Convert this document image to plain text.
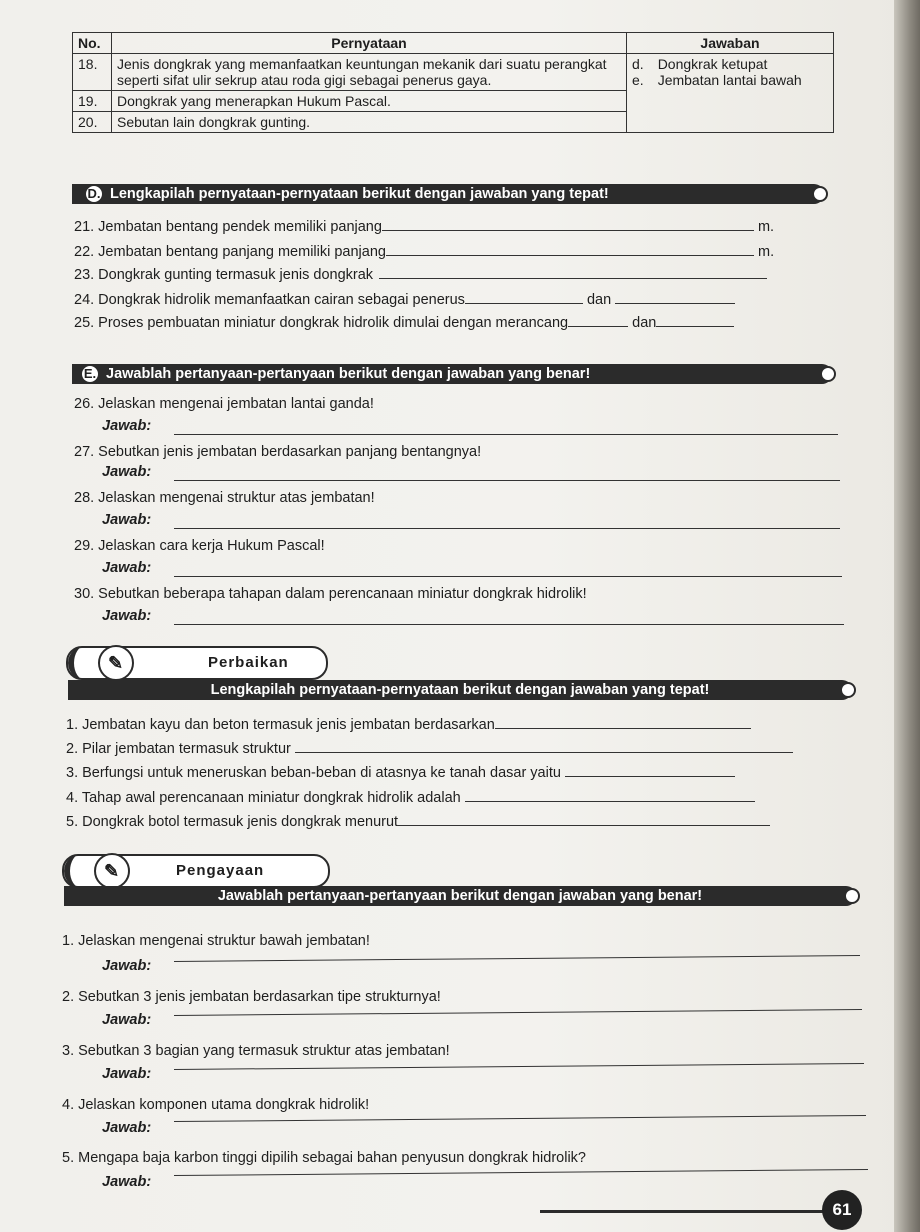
No.	Pernyataan	Jawaban
18.	Jenis dongkrak yang memanfaatkan keuntungan mekanik dari suatu perangkat seperti sifat ulir sekrup atau roda gigi sebagai penerus gaya.	d. Dongkrak ketupat
e. Jembatan lantai bawah

19.	Dongkrak yang menerapkan Hukum Pascal.	
20.	Sebutan lain dongkrak gunting.	
D. Lengkapilah pernyataan-pernyataan berikut dengan jawaban yang tepat!
21. Jembatan bentang pendek memiliki panjang	m.
22. Jembatan bentang panjang memiliki panjang	m.
23. Dongkrak gunting termasuk jenis dongkrak
24. Dongkrak hidrolik memanfaatkan cairan sebagai penerus	dan
25. Proses pembuatan miniatur dongkrak hidrolik dimulai dengan merancang	dan
E. Jawablah pertanyaan-pertanyaan berikut dengan jawaban yang benar!
26. Jelaskan mengenai jembatan lantai ganda!
Jawab:
27. Sebutkan jenis jembatan berdasarkan panjang bentangnya!
Jawab:
28. Jelaskan mengenai struktur atas jembatan!
Jawab:
29. Jelaskan cara kerja Hukum Pascal!
Jawab:
30. Sebutkan beberapa tahapan dalam perencanaan miniatur dongkrak hidrolik!
Jawab:
✎	Perbaikan
Lengkapilah pernyataan-pernyataan berikut dengan jawaban yang tepat!
1. Jembatan kayu dan beton termasuk jenis jembatan berdasarkan
2. Pilar jembatan termasuk struktur
3. Berfungsi untuk meneruskan beban-beban di atasnya ke tanah dasar yaitu
4. Tahap awal perencanaan miniatur dongkrak hidrolik adalah
5. Dongkrak botol termasuk jenis dongkrak menurut
✎	Pengayaan
Jawablah pertanyaan-pertanyaan berikut dengan jawaban yang benar!
1. Jelaskan mengenai struktur bawah jembatan!
Jawab:
2. Sebutkan 3 jenis jembatan berdasarkan tipe strukturnya!
Jawab:
3. Sebutkan 3 bagian yang termasuk struktur atas jembatan!
Jawab:
4. Jelaskan komponen utama dongkrak hidrolik!
Jawab:
5. Mengapa baja karbon tinggi dipilih sebagai bahan penyusun dongkrak hidrolik?
Jawab:
61
